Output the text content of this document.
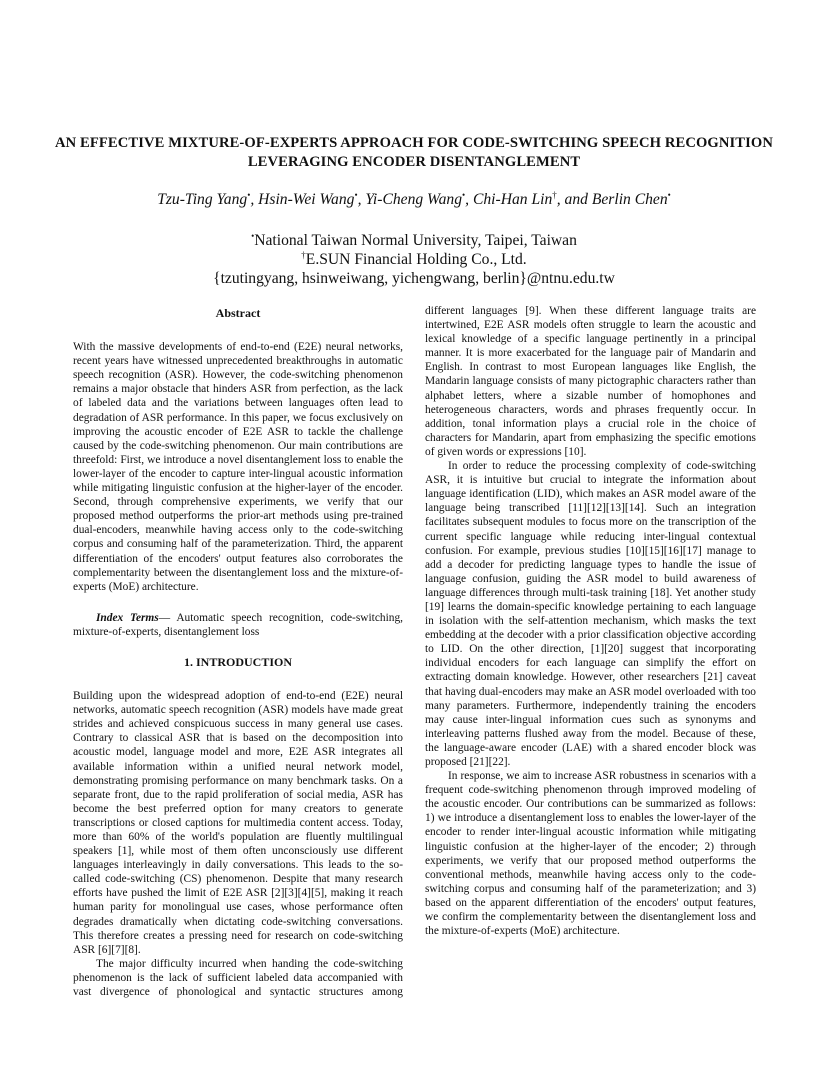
AN EFFECTIVE MIXTURE-OF-EXPERTS APPROACH FOR CODE-SWITCHING SPEECH RECOGNITION LEVERAGING ENCODER DISENTANGLEMENT
Tzu-Ting Yang•, Hsin-Wei Wang•, Yi-Cheng Wang•, Chi-Han Lin†, and Berlin Chen•
•National Taiwan Normal University, Taipei, Taiwan
†E.SUN Financial Holding Co., Ltd.
{tzutingyang, hsinweiwang, yichengwang, berlin}@ntnu.edu.tw
Abstract

With the massive developments of end-to-end (E2E) neural networks, recent years have witnessed unprecedented breakthroughs in automatic speech recognition (ASR). However, the code-switching phenomenon remains a major obstacle that hinders ASR from perfection, as the lack of labeled data and the variations between languages often lead to degradation of ASR performance. In this paper, we focus exclusively on improving the acoustic encoder of E2E ASR to tackle the challenge caused by the code-switching phenomenon. Our main contributions are threefold: First, we introduce a novel disentanglement loss to enable the lower-layer of the encoder to capture inter-lingual acoustic information while mitigating linguistic confusion at the higher-layer of the encoder. Second, through comprehensive experiments, we verify that our proposed method outperforms the prior-art methods using pre-trained dual-encoders, meanwhile having access only to the code-switching corpus and consuming half of the parameterization. Third, the apparent differentiation of the encoders' output features also corroborates the complementarity between the disentanglement loss and the mixture-of-experts (MoE) architecture.

Index Terms— Automatic speech recognition, code-switching, mixture-of-experts, disentanglement loss

1. INTRODUCTION

Building upon the widespread adoption of end-to-end (E2E) neural networks, automatic speech recognition (ASR) models have made great strides and achieved conspicuous success in many general use cases. Contrary to classical ASR that is based on the decomposition into acoustic model, language model and more, E2E ASR integrates all available information within a unified neural network model, demonstrating promising performance on many benchmark tasks. On a separate front, due to the rapid proliferation of social media, ASR has become the best preferred option for many creators to generate transcriptions or closed captions for multimedia content access. Today, more than 60% of the world's population are fluently multilingual speakers [1], while most of them often unconsciously use different languages interleavingly in daily conversations. This leads to the so-called code-switching (CS) phenomenon. Despite that many research efforts have pushed the limit of E2E ASR [2][3][4][5], making it reach human parity for monolingual use cases, whose performance often degrades dramatically when dictating code-switching conversations. This therefore creates a pressing need for research on code-switching ASR [6][7][8].

The major difficulty incurred when handing the code-switching phenomenon is the lack of sufficient labeled data accompanied with vast divergence of phonological and syntactic structures among

different languages [9]. When these different language traits are intertwined, E2E ASR models often struggle to learn the acoustic and lexical knowledge of a specific language pertinently in a principal manner. It is more exacerbated for the language pair of Mandarin and English. In contrast to most European languages like English, the Mandarin language consists of many pictographic characters rather than alphabet letters, where a sizable number of homophones and heterogeneous characters, words and phrases frequently occur. In addition, tonal information plays a crucial role in the choice of characters for Mandarin, apart from emphasizing the specific emotions of given words or expressions [10].

In order to reduce the processing complexity of code-switching ASR, it is intuitive but crucial to integrate the information about language identification (LID), which makes an ASR model aware of the language being transcribed [11][12][13][14]. Such an integration facilitates subsequent modules to focus more on the transcription of the current specific language while reducing inter-lingual contextual confusion. For example, previous studies [10][15][16][17] manage to add a decoder for predicting language types to handle the issue of language confusion, guiding the ASR model to build awareness of language differences through multi-task training [18]. Yet another study [19] learns the domain-specific knowledge pertaining to each language in isolation with the self-attention mechanism, which masks the text embedding at the decoder with a prior classification objective according to LID. On the other direction, [1][20] suggest that incorporating individual encoders for each language can simplify the effort on extracting domain knowledge. However, other researchers [21] caveat that having dual-encoders may make an ASR model overloaded with too many parameters. Furthermore, independently training the encoders may cause inter-lingual information cues such as synonyms and interleaving patterns flushed away from the model. Because of these, the language-aware encoder (LAE) with a shared encoder block was proposed [21][22].

In response, we aim to increase ASR robustness in scenarios with a frequent code-switching phenomenon through improved modeling of the acoustic encoder. Our contributions can be summarized as follows: 1) we introduce a disentanglement loss to enables the lower-layer of the encoder to render inter-lingual acoustic information while mitigating linguistic confusion at the higher-layer of the encoder; 2) through experiments, we verify that our proposed method outperforms the conventional methods, meanwhile having access only to the code-switching corpus and consuming half of the parameterization; and 3) based on the apparent differentiation of the encoders' output features, we confirm the complementarity between the disentanglement loss and the mixture-of-experts (MoE) architecture.
